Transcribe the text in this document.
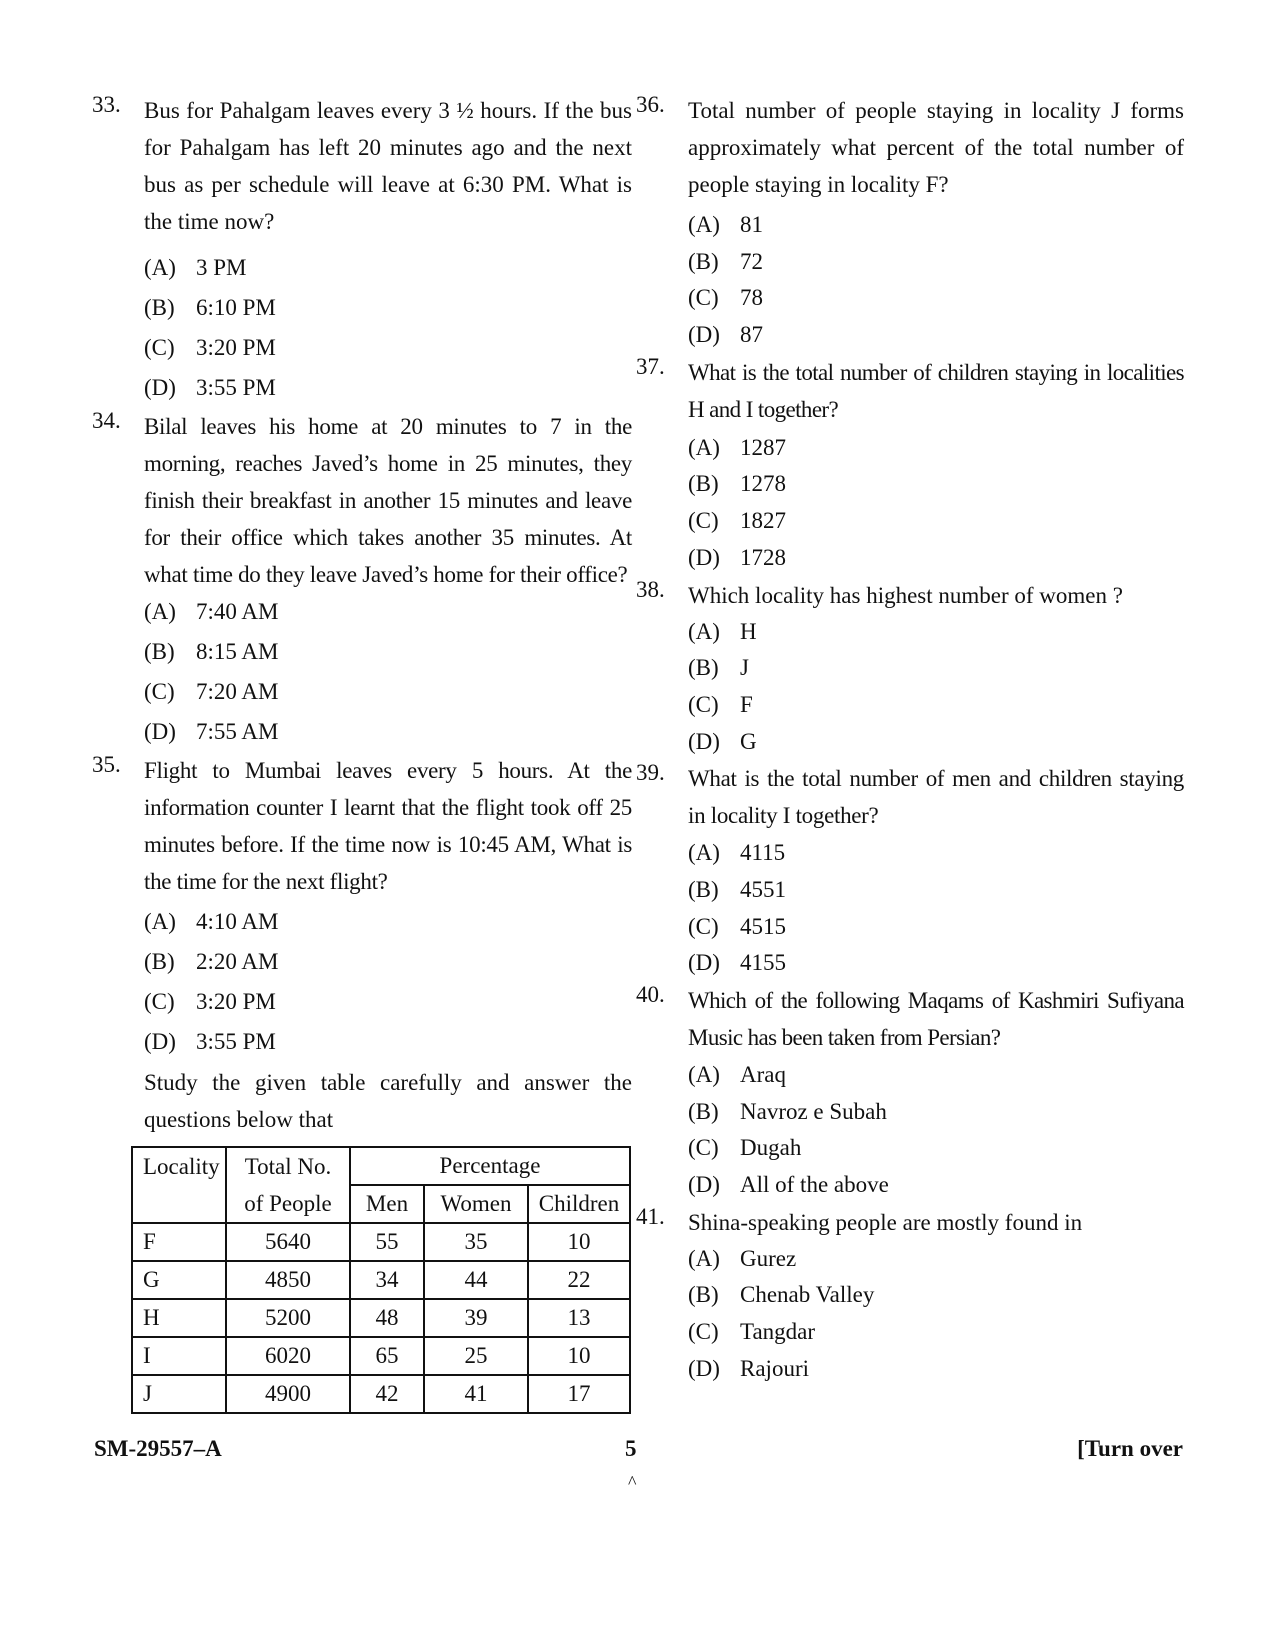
33. Bus for Pahalgam leaves every 3 ½ hours. If the bus for Pahalgam has left 20 minutes ago and the next bus as per schedule will leave at 6:30 PM. What is the time now?
(A) 3 PM
(B) 6:10 PM
(C) 3:20 PM
(D) 3:55 PM
34. Bilal leaves his home at 20 minutes to 7 in the morning, reaches Javed’s home in 25 minutes, they finish their breakfast in another 15 minutes and leave for their office which takes another 35 minutes. At what time do they leave Javed’s home for their office?
(A) 7:40 AM
(B) 8:15 AM
(C) 7:20 AM
(D) 7:55 AM
35. Flight to Mumbai leaves every 5 hours. At the information counter I learnt that the flight took off 25 minutes before. If the time now is 10:45 AM, What is the time for the next flight?
(A) 4:10 AM
(B) 2:20 AM
(C) 3:20 PM
(D) 3:55 PM
Study the given table carefully and answer the questions below that
Locality	Total No.	Percentage		
	of People	Men	Women	Children
F	5640	55	35	10
G	4850	34	44	22
H	5200	48	39	13
I	6020	65	25	10
J	4900	42	41	17
36. Total number of people staying in locality J forms approximately what percent of the total number of people staying in locality F?
(A) 81
(B) 72
(C) 78
(D) 87
37. What is the total number of children staying in localities H and I together?
(A) 1287
(B) 1278
(C) 1827
(D) 1728
38. Which locality has highest number of women ?
(A) H
(B) J
(C) F
(D) G
39. What is the total number of men and children staying in locality I together?
(A) 4115
(B) 4551
(C) 4515
(D) 4155
40. Which of the following Maqams of Kashmiri Sufiyana Music has been taken from Persian?
(A) Araq
(B) Navroz e Subah
(C) Dugah
(D) All of the above
41. Shina-speaking people are mostly found in
(A) Gurez
(B) Chenab Valley
(C) Tangdar
(D) Rajouri
SM-29557–A	5	[Turn over
^
